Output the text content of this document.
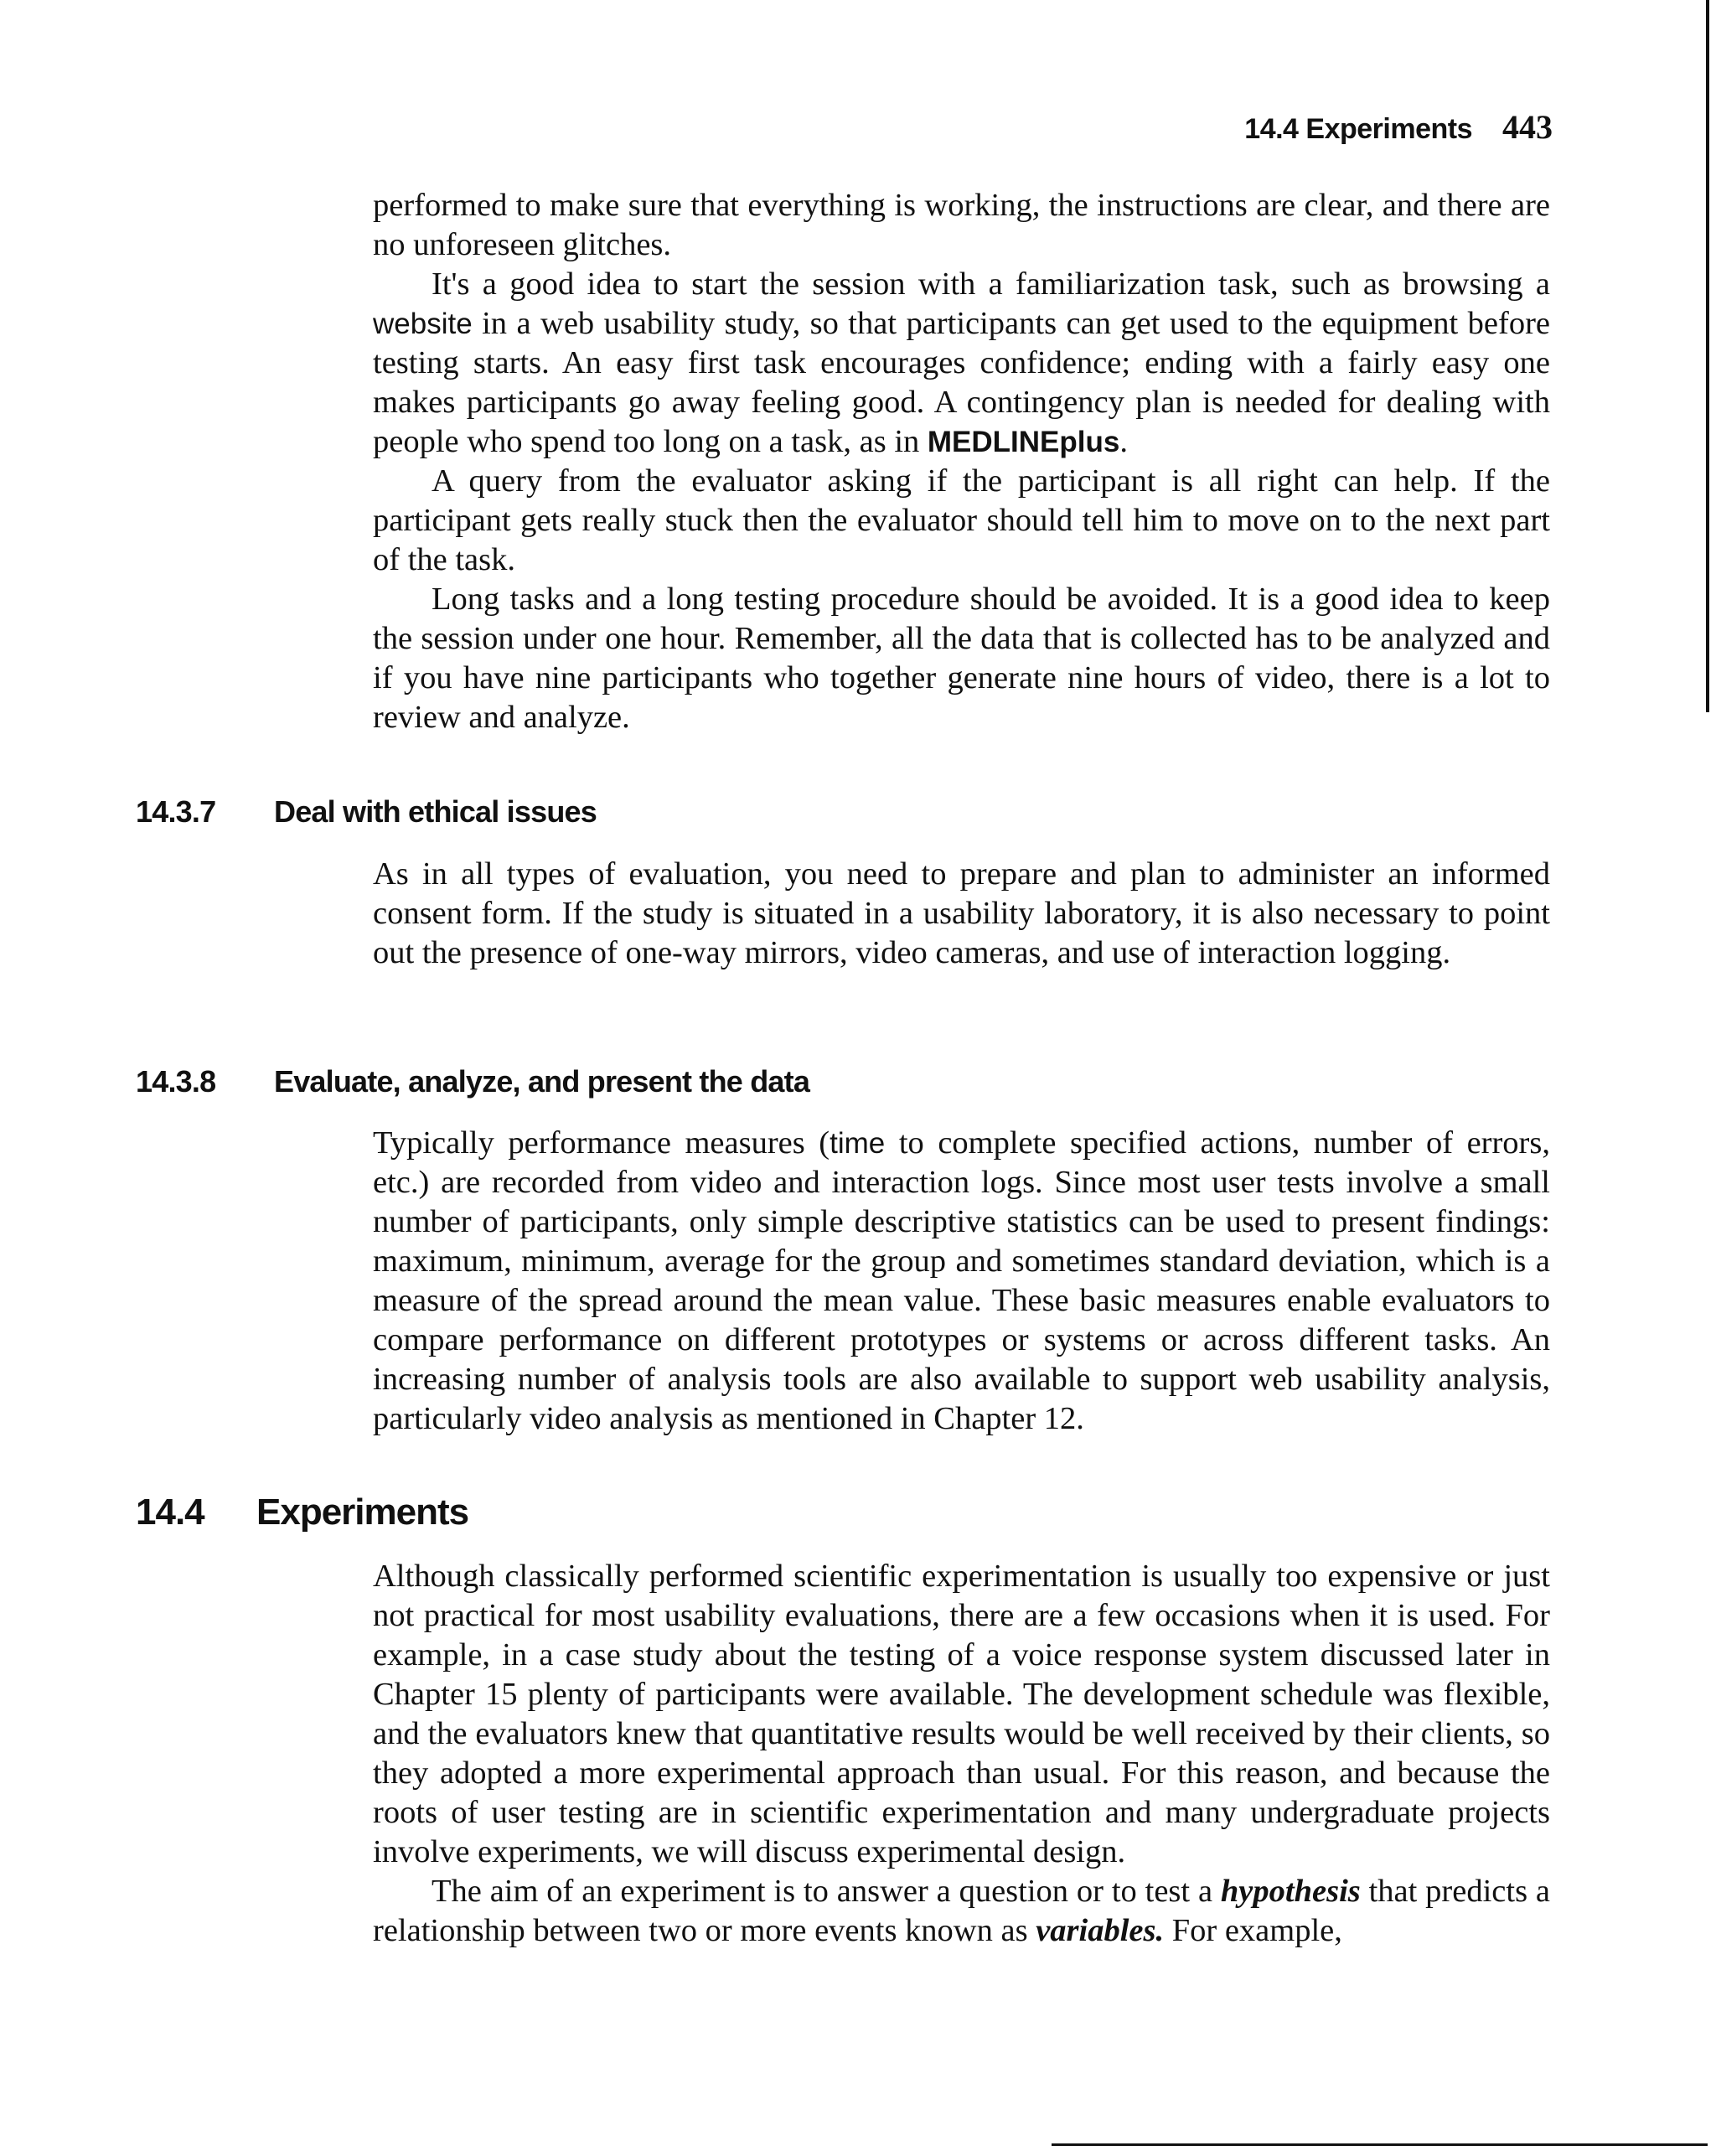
14.4 Experiments 443

performed to make sure that everything is working, the instructions are clear, and there are no unforeseen glitches.

It's a good idea to start the session with a familiarization task, such as browsing a website in a web usability study, so that participants can get used to the equipment before testing starts. An easy first task encourages confidence; ending with a fairly easy one makes participants go away feeling good. A contingency plan is needed for dealing with people who spend too long on a task, as in MEDLINEplus.

A query from the evaluator asking if the participant is all right can help. If the participant gets really stuck then the evaluator should tell him to move on to the next part of the task.

Long tasks and a long testing procedure should be avoided. It is a good idea to keep the session under one hour. Remember, all the data that is collected has to be analyzed and if you have nine participants who together generate nine hours of video, there is a lot to review and analyze.

14.3.7	Deal with ethical issues

As in all types of evaluation, you need to prepare and plan to administer an informed consent form. If the study is situated in a usability laboratory, it is also necessary to point out the presence of one-way mirrors, video cameras, and use of interaction logging.

14.3.8	Evaluate, analyze, and present the data

Typically performance measures (time to complete specified actions, number of errors, etc.) are recorded from video and interaction logs. Since most user tests involve a small number of participants, only simple descriptive statistics can be used to present findings: maximum, minimum, average for the group and sometimes standard deviation, which is a measure of the spread around the mean value. These basic measures enable evaluators to compare performance on different prototypes or systems or across different tasks. An increasing number of analysis tools are also available to support web usability analysis, particularly video analysis as mentioned in Chapter 12.

14.4	Experiments

Although classically performed scientific experimentation is usually too expensive or just not practical for most usability evaluations, there are a few occasions when it is used. For example, in a case study about the testing of a voice response system discussed later in Chapter 15 plenty of participants were available. The development schedule was flexible, and the evaluators knew that quantitative results would be well received by their clients, so they adopted a more experimental approach than usual. For this reason, and because the roots of user testing are in scientific experimentation and many undergraduate projects involve experiments, we will discuss experimental design.

The aim of an experiment is to answer a question or to test a hypothesis that predicts a relationship between two or more events known as variables. For example,
